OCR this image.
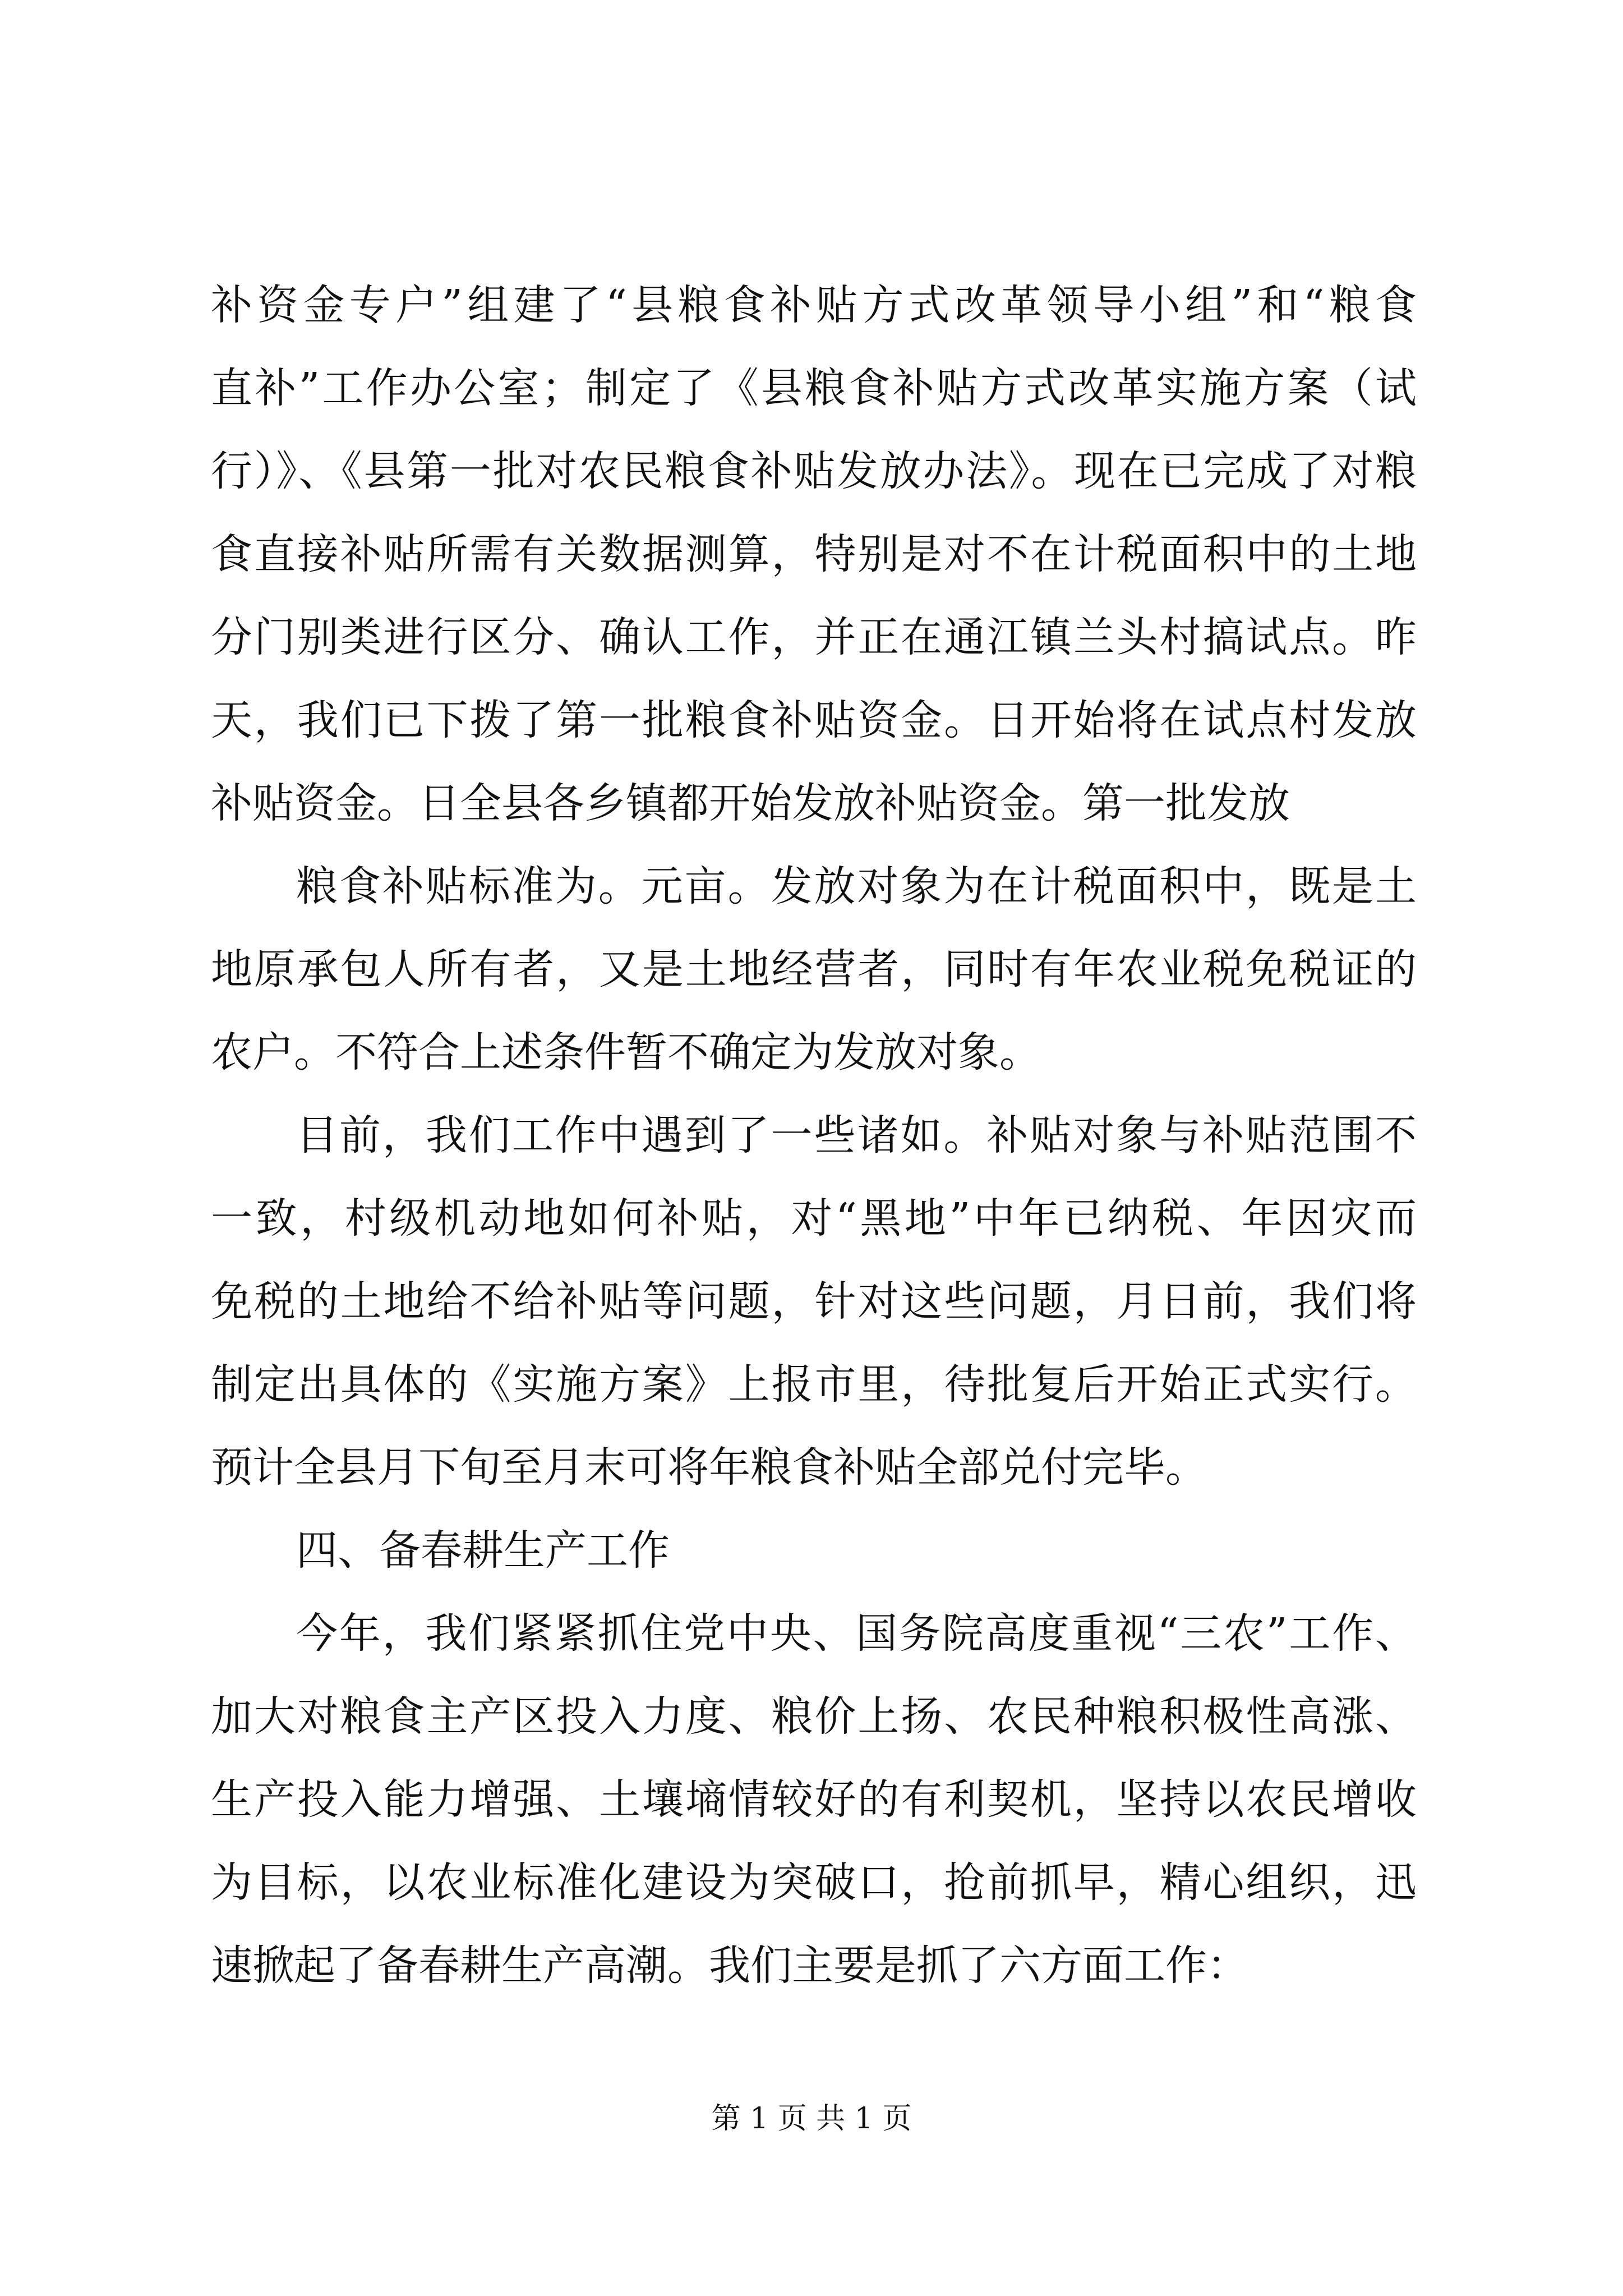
补资金专户”组建了“县粮食补贴方式改革领导小组”和“粮食
直补”工作办公室；制定了《县粮食补贴方式改革实施方案（试
行）》、《县第一批对农民粮食补贴发放办法》。现在已完成了对粮
食直接补贴所需有关数据测算，特别是对不在计税面积中的土地
分门别类进行区分、确认工作，并正在通江镇兰头村搞试点。昨
天，我们已下拨了第一批粮食补贴资金。日开始将在试点村发放
补贴资金。日全县各乡镇都开始发放补贴资金。第一批发放
粮食补贴标准为。元亩。发放对象为在计税面积中，既是土
地原承包人所有者，又是土地经营者，同时有年农业税免税证的
农户。不符合上述条件暂不确定为发放对象。
目前，我们工作中遇到了一些诸如。补贴对象与补贴范围不
一致，村级机动地如何补贴，对“黑地”中年已纳税、年因灾而
免税的土地给不给补贴等问题，针对这些问题，月日前，我们将
制定出具体的《实施方案》上报市里，待批复后开始正式实行。
预计全县月下旬至月末可将年粮食补贴全部兑付完毕。
四、备春耕生产工作
今年，我们紧紧抓住党中央、国务院高度重视“三农”工作、
加大对粮食主产区投入力度、粮价上扬、农民种粮积极性高涨、
生产投入能力增强、土壤墒情较好的有利契机，坚持以农民增收
为目标，以农业标准化建设为突破口，抢前抓早，精心组织，迅
速掀起了备春耕生产高潮。我们主要是抓了六方面工作：
第 1 页 共 1 页
